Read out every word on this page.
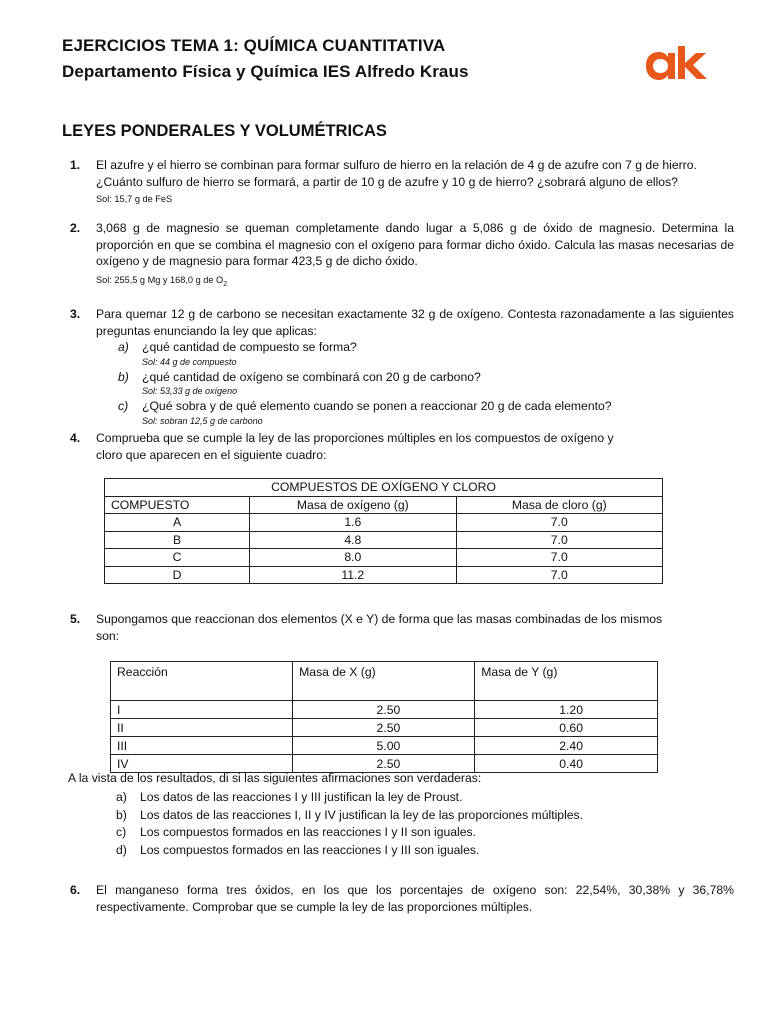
EJERCICIOS TEMA 1: QUÍMICA CUANTITATIVA
Departamento Física y Química IES Alfredo Kraus
LEYES PONDERALES Y VOLUMÉTRICAS
1. El azufre y el hierro se combinan para formar sulfuro de hierro en la relación de 4 g de azufre con 7 g de hierro.
¿Cuánto sulfuro de hierro se formará, a partir de 10 g de azufre y 10 g de hierro? ¿sobrará alguno de ellos?
Sol: 15,7 g de FeS
2. 3,068 g de magnesio se queman completamente dando lugar a 5,086 g de óxido de magnesio. Determina la proporción en que se combina el magnesio con el oxígeno para formar dicho óxido. Calcula las masas necesarias de oxígeno y de magnesio para formar 423,5 g de dicho óxido.
Sol: 255,5 g Mg y 168,0 g de $O_2$
3. Para quemar 12 g de carbono se necesitan exactamente 32 g de oxígeno. Contesta razonadamente a las siguientes preguntas enunciando la ley que aplicas:
a) ¿qué cantidad de compuesto se forma?
Sol: 44 g de compuesto
b) ¿qué cantidad de oxígeno se combinará con 20 g de carbono?
Sol: 53,33 g de oxígeno
c) ¿Qué sobra y de qué elemento cuando se ponen a reaccionar 20 g de cada elemento?
Sol: sobran 12,5 g de carbono
4. Comprueba que se cumple la ley de las proporciones múltiples en los compuestos de oxígeno y
cloro que aparecen en el siguiente cuadro:
COMPUESTOS DE OXÍGENO Y CLORO		
COMPUESTO	Masa de oxígeno (g)	Masa de cloro (g)
A	1.6	7.0
B	4.8	7.0
C	8.0	7.0
D	11.2	7.0
5. Supongamos que reaccionan dos elementos (X e Y) de forma que las masas combinadas de los mismos
son:
Reacción	Masa de X (g)	Masa de Y (g)
I	2.50	1.20
II	2.50	0.60
III	5.00	2.40
IV	2.50	0.40
A la vista de los resultados, di si las siguientes afirmaciones son verdaderas:
a) Los datos de las reacciones I y III justifican la ley de Proust.
b) Los datos de las reacciones I, II y IV justifican la ley de las proporciones múltiples.
c) Los compuestos formados en las reacciones I y II son iguales.
d) Los compuestos formados en las reacciones I y III son iguales.
6. El manganeso forma tres óxidos, en los que los porcentajes de oxígeno son: 22,54%, 30,38% y 36,78% respectivamente. Comprobar que se cumple la ley de las proporciones múltiples.
